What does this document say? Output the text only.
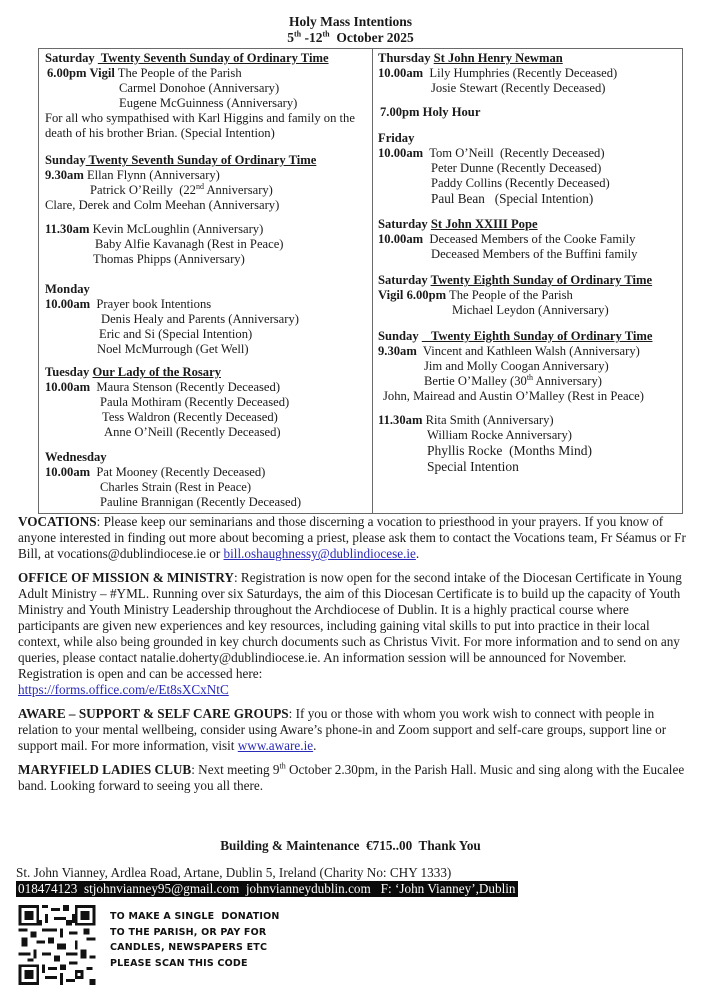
Holy Mass Intentions
5th -12th  October 2025
Saturday  Twenty Seventh Sunday of Ordinary Time
6.00pm Vigil The People of the Parish
Carmel Donohoe (Anniversary)
Eugene McGuinness (Anniversary)
For all who sympathised with Karl Higgins and family on the
death of his brother Brian. (Special Intention)
Sunday Twenty Seventh Sunday of Ordinary Time
9.30am Ellan Flynn (Anniversary)
Patrick O’Reilly  (22nd Anniversary)
Clare, Derek and Colm Meehan (Anniversary)
11.30am Kevin McLoughlin (Anniversary)
Baby Alfie Kavanagh (Rest in Peace)
Thomas Phipps (Anniversary)
Monday
10.00am  Prayer book Intentions
Denis Healy and Parents (Anniversary)
Eric and Si (Special Intention)
Noel McMurrough (Get Well)
Tuesday Our Lady of the Rosary
10.00am  Maura Stenson (Recently Deceased)
Paula Mothiram (Recently Deceased)
Tess Waldron (Recently Deceased)
Anne O’Neill (Recently Deceased)
Wednesday
10.00am  Pat Mooney (Recently Deceased)
Charles Strain (Rest in Peace)
Pauline Brannigan (Recently Deceased)
Thursday St John Henry Newman
10.00am  Lily Humphries (Recently Deceased)
Josie Stewart (Recently Deceased)
7.00pm Holy Hour
Friday
10.00am  Tom O’Neill  (Recently Deceased)
Peter Dunne (Recently Deceased)
Paddy Collins (Recently Deceased)
Paul Bean   (Special Intention)
Saturday St John XXIII Pope
10.00am  Deceased Members of the Cooke Family
Deceased Members of the Buffini family
Saturday Twenty Eighth Sunday of Ordinary Time
Vigil 6.00pm The People of the Parish
Michael Leydon (Anniversary)
Sunday    Twenty Eighth Sunday of Ordinary Time
9.30am  Vincent and Kathleen Walsh (Anniversary)
Jim and Molly Coogan Anniversary)
Bertie O’Malley (30th Anniversary)
John, Mairead and Austin O’Malley (Rest in Peace)
11.30am Rita Smith (Anniversary)
William Rocke Anniversary)
Phyllis Rocke  (Months Mind)
Special Intention
VOCATIONS: Please keep our seminarians and those discerning a vocation to priesthood in your prayers. If you know of anyone interested in finding out more about becoming a priest, please ask them to contact the Vocations team, Fr Séamus or Fr Bill, at vocations@dublindiocese.ie or bill.oshaughnessy@dublindiocese.ie.
OFFICE OF MISSION & MINISTRY: Registration is now open for the second intake of the Diocesan Certificate in Young Adult Ministry – #YML. Running over six Saturdays, the aim of this Diocesan Certificate is to build up the capacity of Youth Ministry and Youth Ministry Leadership throughout the Archdiocese of Dublin. It is a highly practical course where participants are given new experiences and key resources, including gaining vital skills to put into practice in their local context, while also being grounded in key church documents such as Christus Vivit. For more information and to send on any queries, please contact natalie.doherty@dublindiocese.ie. An information session will be announced for November. Registration is open and can be accessed here:
https://forms.office.com/e/Et8sXCxNtC
AWARE – SUPPORT & SELF CARE GROUPS: If you or those with whom you work wish to connect with people in relation to your mental wellbeing, consider using Aware’s phone-in and Zoom support and self-care groups, support line or support mail. For more information, visit www.aware.ie.
MARYFIELD LADIES CLUB: Next meeting 9th October 2.30pm, in the Parish Hall. Music and sing along with the Eucalee band. Looking forward to seeing you all there.
Building & Maintenance  €715..00  Thank You
St. John Vianney, Ardlea Road, Artane, Dublin 5, Ireland (Charity No: CHY 1333)
018474123  stjohnvianney95@gmail.com  johnvianneydublin.com   F: ‘John Vianney’,Dublin
TO MAKE A SINGLE  DONATION
TO THE PARISH, OR PAY FOR
CANDLES, NEWSPAPERS ETC
PLEASE SCAN THIS CODE
